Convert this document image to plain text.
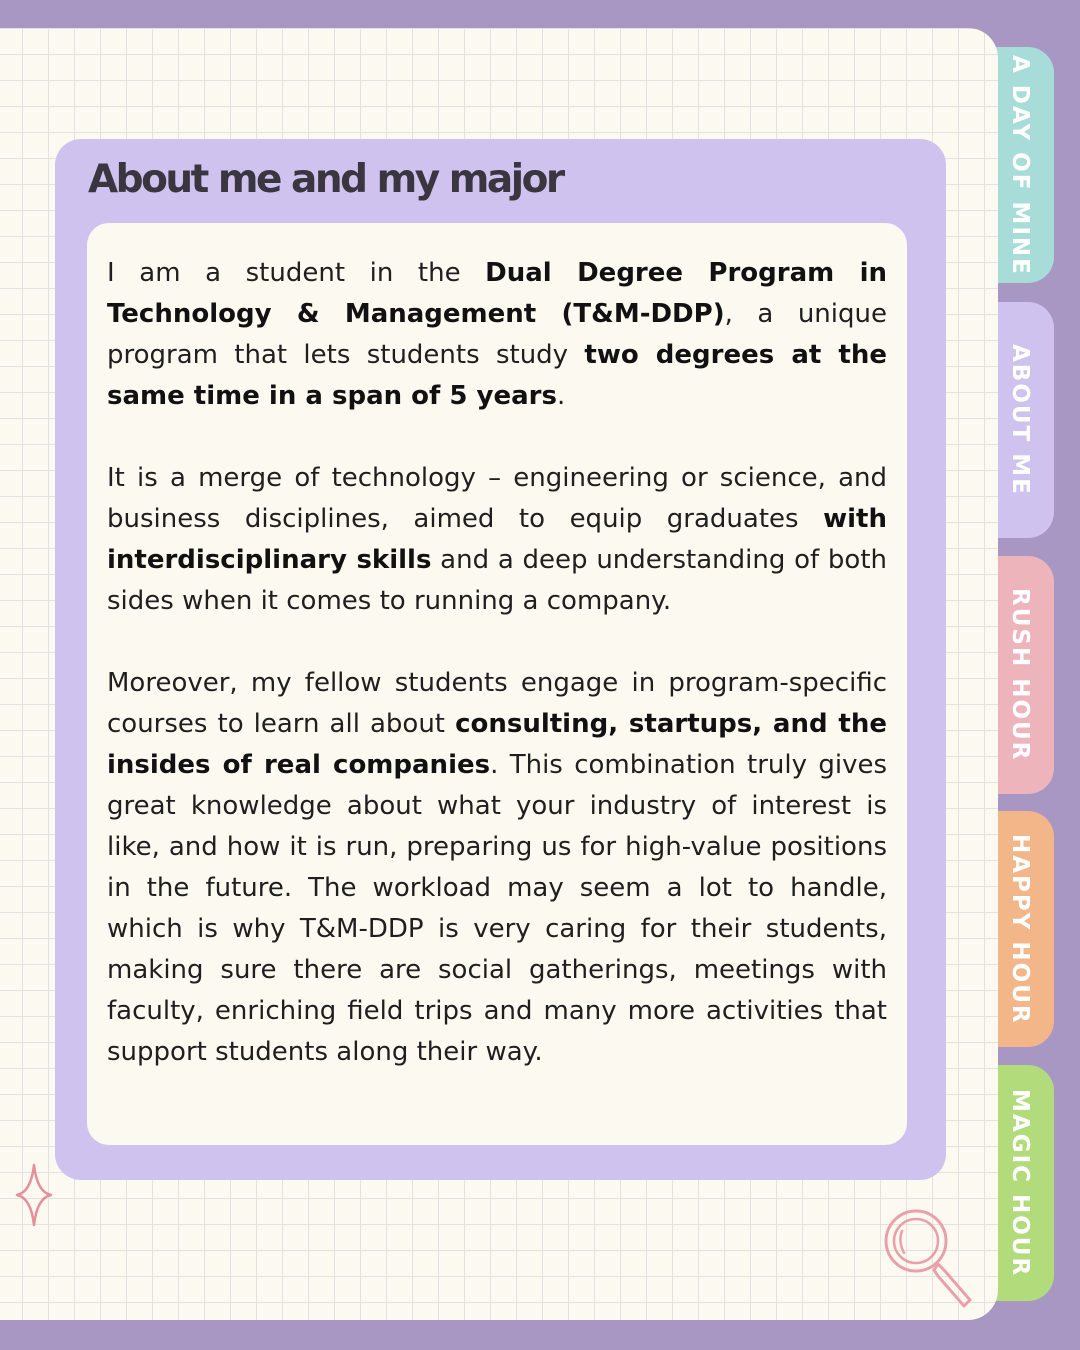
A DAY OF MINE
ABOUT ME
RUSH HOUR
HAPPY HOUR
MAGIC HOUR
About me and my major

I am a student in the Dual Degree Program in Technology & Management (T&M-DDP), a unique program that lets students study two degrees at the same time in a span of 5 years.

It is a merge of technology – engineering or science, and business disciplines, aimed to equip graduates with interdisciplinary skills and a deep understanding of both sides when it comes to running a company.

Moreover, my fellow students engage in program-specific courses to learn all about consulting, startups, and the insides of real companies. This combination truly gives great knowledge about what your industry of interest is like, and how it is run, preparing us for high-value positions in the future. The workload may seem a lot to handle, which is why T&M-DDP is very caring for their students, making sure there are social gatherings, meetings with faculty, enriching field trips and many more activities that support students along their way.
